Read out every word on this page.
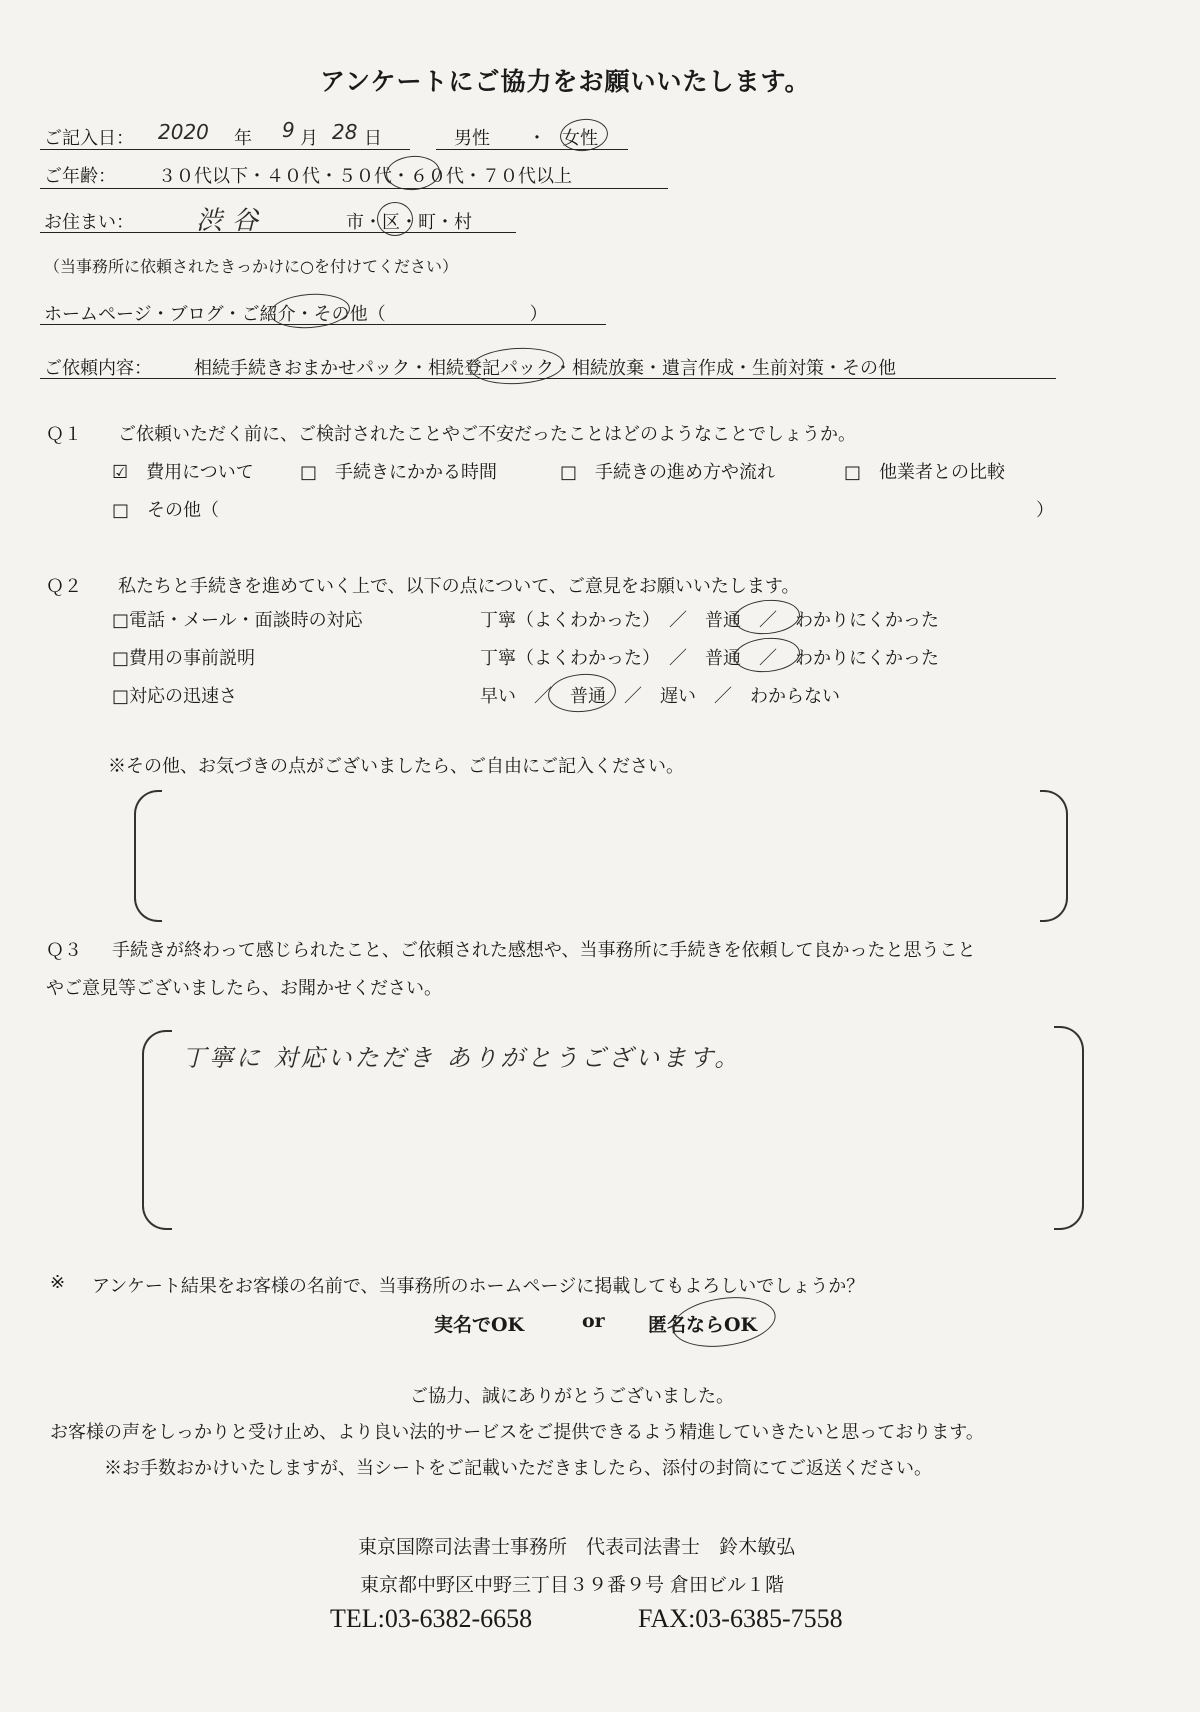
アンケートにご協力をお願いいたします。
ご記入日： 2020 年 9 月 28 日	男性 ・ 女性
ご年齢： ３０代以下・４０代・５０代・６０代・７０代以上
お住まい： 渋谷	市・区・町・村
（当事務所に依頼されたきっかけに○を付けてください）
ホームページ・ブログ・ご紹介・その他（　　　　　　　　）
ご依頼内容： 相続手続きおまかせパック・相続登記パック・相続放棄・遺言作成・生前対策・その他
Ｑ１ ご依頼いただく前に、ご検討されたことやご不安だったことはどのようなことでしょうか。
☑　 費用について	□　 手続きにかかる時間	□　 手続きの進め方や流れ	□　 他業者との比較
□　 その他（	）
Ｑ２ 私たちと手続きを進めていく上で、以下の点について、ご意見をお願いいたします。
□電話・メール・面談時の対応	丁寧（よくわかった）　 ／　 普通　 ／　 わかりにくかった
□費用の事前説明	丁寧（よくわかった）　 ／　 普通　 ／　 わかりにくかった
□対応の迅速さ	早い　 ／　 普通　 ／　 遅い　 ／　 わからない
※その他、お気づきの点がございましたら、ご自由にご記入ください。
Ｑ３ 手続きが終わって感じられたこと、ご依頼された感想や、当事務所に手続きを依頼して良かったと思うこと
やご意見等ございましたら、お聞かせください。
丁寧に 対応いただき ありがとうございます。
※ アンケート結果をお客様の名前で、当事務所のホームページに掲載してもよろしいでしょうか？
実名でOK	or 匿名ならOK
ご協力、誠にありがとうございました。
お客様の声をしっかりと受け止め、より良い法的サービスをご提供できるよう精進していきたいと思っております。
※お手数おかけいたしますが、当シートをご記載いただきましたら、添付の封筒にてご返送ください。
東京国際司法書士事務所　 代表司法書士　 鈴木敏弘
東京都中野区中野三丁目３９番９号 倉田ビル１階
TEL:03-6382-6658	FAX:03-6385-7558
